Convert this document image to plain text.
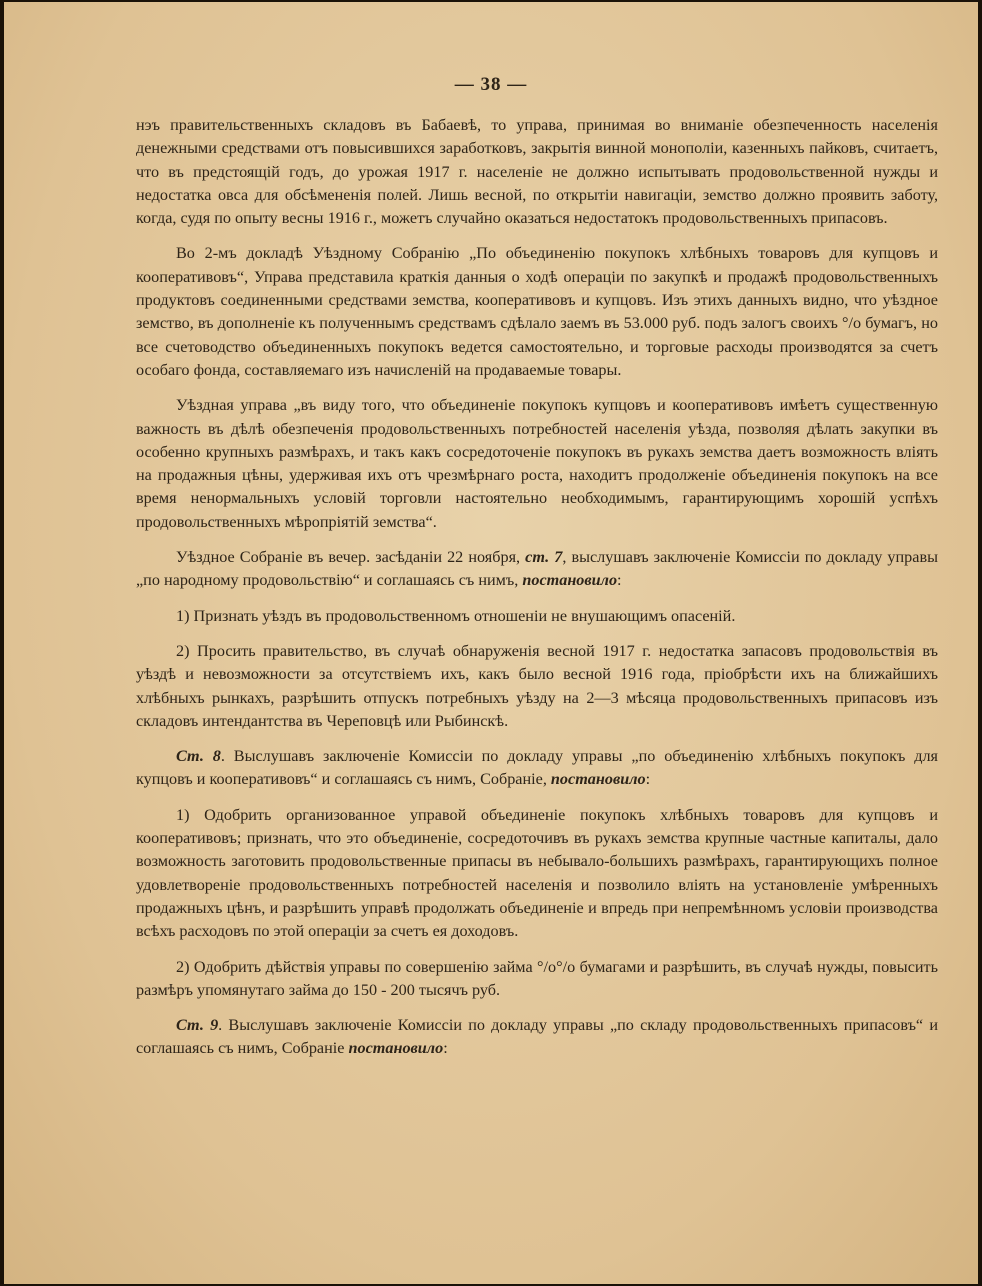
— 38 —

нэъ правительственныхъ складовъ въ Бабаевѣ, то управа, принимая во вниманіе обезпеченность населенія денежными средствами отъ повысившихся заработковъ, закрытія винной монополіи, казенныхъ пайковъ, считаетъ, что въ предстоящій годъ, до урожая 1917 г. населеніе не должно испытывать продовольственной нужды и недостатка овса для обсѣмененія полей. Лишь весной, по открытіи навигаціи, земство должно проявить заботу, когда, судя по опыту весны 1916 г., можетъ случайно оказаться недостатокъ продовольственныхъ припасовъ.

Во 2-мъ докладѣ Уѣздному Собранію „По объединенію покупокъ хлѣбныхъ товаровъ для купцовъ и кооперативовъ“, Управа представила краткія данныя о ходѣ операціи по закупкѣ и продажѣ продовольственныхъ продуктовъ соединенными средствами земства, кооперативовъ и купцовъ. Изъ этихъ данныхъ видно, что уѣздное земство, въ дополненіе къ полученнымъ средствамъ сдѣлало заемъ въ 53.000 руб. подъ залогъ своихъ °/о бумагъ, но все счетоводство объединенныхъ покупокъ ведется самостоятельно, и торговые расходы производятся за счетъ особаго фонда, составляемаго изъ начисленій на продаваемые товары.

Уѣздная управа „въ виду того, что объединеніе покупокъ купцовъ и кооперативовъ имѣетъ существенную важность въ дѣлѣ обезпеченія продовольственныхъ потребностей населенія уѣзда, позволяя дѣлать закупки въ особенно крупныхъ размѣрахъ, и такъ какъ сосредоточеніе покупокъ въ рукахъ земства даетъ возможность вліять на продажныя цѣны, удерживая ихъ отъ чрезмѣрнаго роста, находитъ продолженіе объединенія покупокъ на все время ненормальныхъ условій торговли настоятельно необходимымъ, гарантирующимъ хорошій успѣхъ продовольственныхъ мѣропріятій земства“.

Уѣздное Собраніе въ вечер. засѣданіи 22 ноября, ст. 7, выслушавъ заключеніе Комиссіи по докладу управы „по народному продовольствію“ и соглашаясь съ нимъ, постановило:

1) Признать уѣздъ въ продовольственномъ отношеніи не внушающимъ опасеній.

2) Просить правительство, въ случаѣ обнаруженія весной 1917 г. недостатка запасовъ продовольствія въ уѣздѣ и невозможности за отсутствіемъ ихъ, какъ было весной 1916 года, пріобрѣсти ихъ на ближайшихъ хлѣбныхъ рынкахъ, разрѣшить отпускъ потребныхъ уѣзду на 2—3 мѣсяца продовольственныхъ припасовъ изъ складовъ интендантства въ Череповцѣ или Рыбинскѣ.

Ст. 8. Выслушавъ заключеніе Комиссіи по докладу управы „по объединенію хлѣбныхъ покупокъ для купцовъ и кооперативовъ“ и соглашаясь съ нимъ, Собраніе, постановило:

1) Одобрить организованное управой объединеніе покупокъ хлѣбныхъ товаровъ для купцовъ и кооперативовъ; признать, что это объединеніе, сосредоточивъ въ рукахъ земства крупные частные капиталы, дало возможность заготовить продовольственные припасы въ небывало-большихъ размѣрахъ, гарантирующихъ полное удовлетвореніе продовольственныхъ потребностей населенія и позволило вліять на установленіе умѣренныхъ продажныхъ цѣнъ, и разрѣшить управѣ продолжать объединеніе и впредь при непремѣнномъ условіи производства всѣхъ расходовъ по этой операціи за счетъ ея доходовъ.

2) Одобрить дѣйствія управы по совершенію займа °/о°/о бумагами и разрѣшить, въ случаѣ нужды, повысить размѣръ упомянутаго займа до 150 - 200 тысячъ руб.

Ст. 9. Выслушавъ заключеніе Комиссіи по докладу управы „по складу продовольственныхъ припасовъ“ и соглашаясь съ нимъ, Собраніе постановило:
